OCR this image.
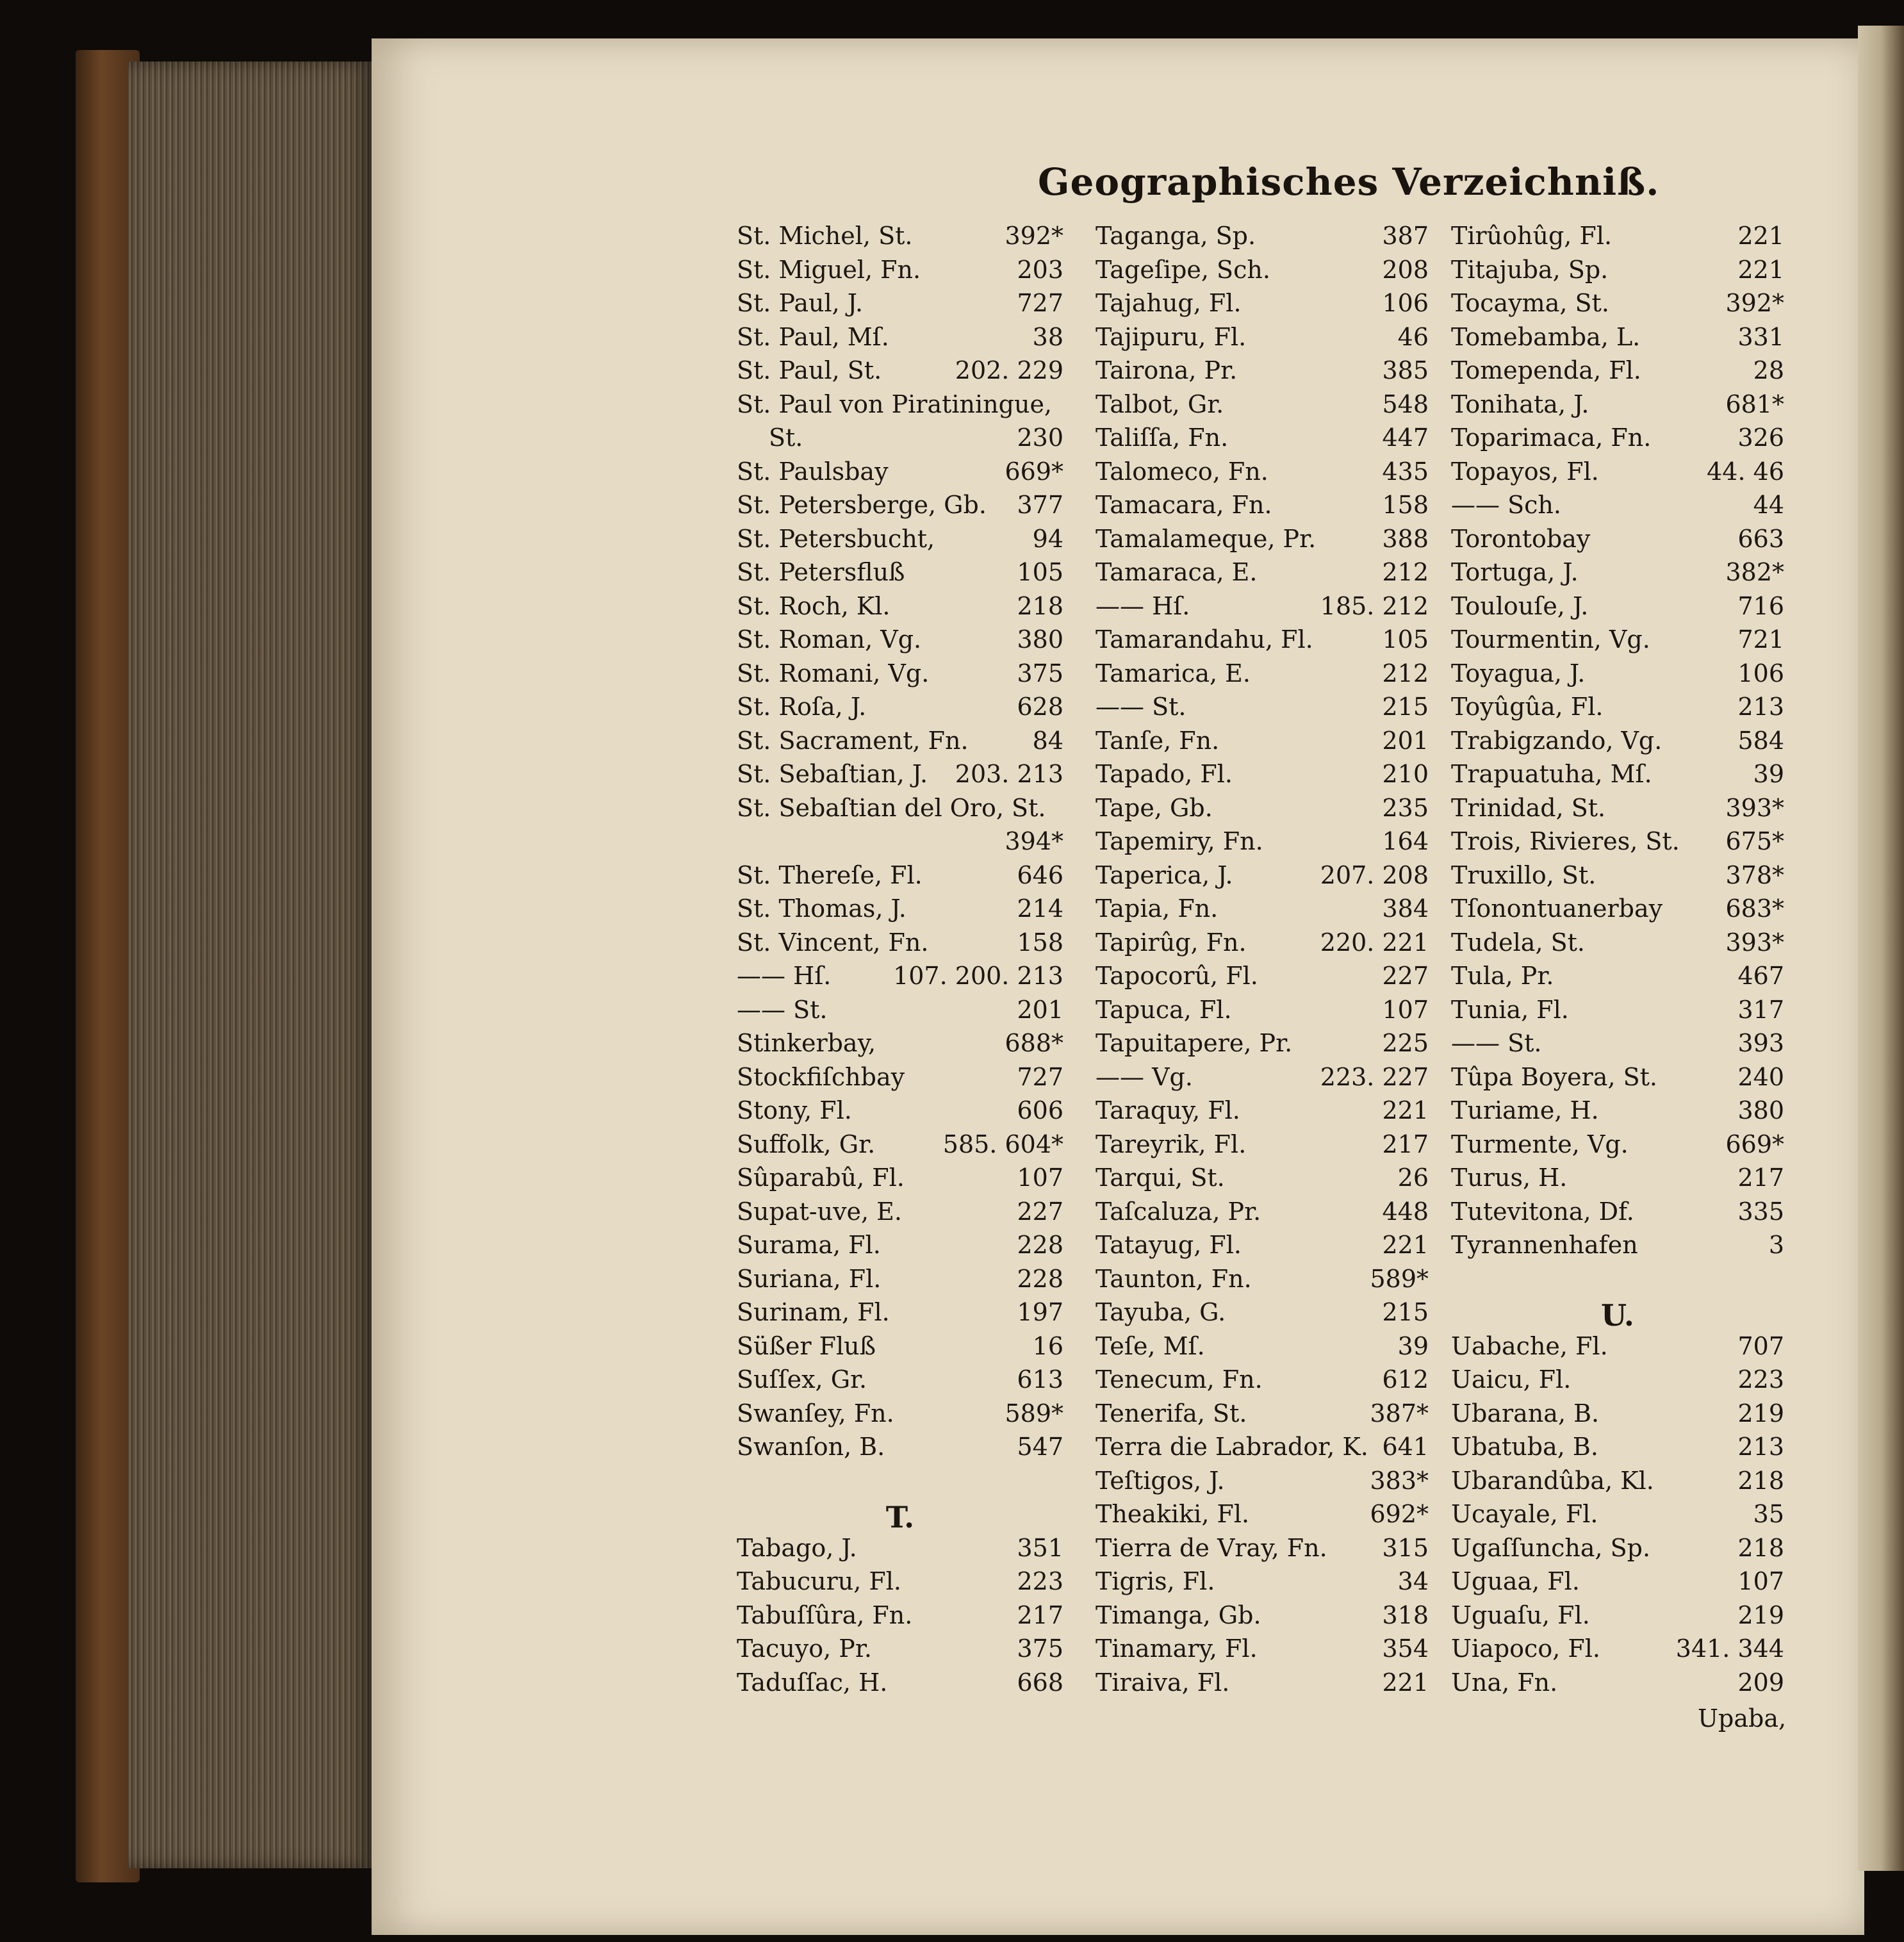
Geographisches Verzeichniß.
St. Michel, St.	392*
St. Miguel, Fn.	203
St. Paul, J.	727
St. Paul, Mſ.	38
St. Paul, St.	202. 229
St. Paul von Piratiningue,
St.	230
St. Paulsbay	669*
St. Petersberge, Gb. 377
St. Petersbucht,	94
St. Petersfluß	105
St. Roch, Kl.	218
St. Roman, Vg.	380
St. Romani, Vg.	375
St. Roſa, J.	628
St. Sacrament, Fn.	84
St. Sebaſtian, J. 203. 213
St. Sebaſtian del Oro, St.
394*
St. Thereſe, Fl.	646
St. Thomas, J.	214
St. Vincent, Fn.	158
—— Hſ.	107. 200. 213
—— St.	201
Stinkerbay,	688*
Stockfiſchbay	727
Stony, Fl.	606
Suffolk, Gr.	585. 604*
Sûparabû, Fl.	107
Supat-uve, E.	227
Surama, Fl.	228
Suriana, Fl.	228
Surinam, Fl.	197
Süßer Fluß	16
Suſſex, Gr.	613
Swanſey, Fn.	589*
Swanſon, B.	547
T.
Tabago, J.	351
Tabucuru, Fl.	223
Tabuſſûra, Fn.	217
Tacuyo, Pr.	375
Taduſſac, H.	668
Taganga, Sp.	387
Tageſipe, Sch.	208
Tajahug, Fl.	106
Tajipuru, Fl.	46
Tairona, Pr.	385
Talbot, Gr.	548
Taliſſa, Fn.	447
Talomeco, Fn.	435
Tamacara, Fn.	158
Tamalameque, Pr.	388
Tamaraca, E.	212
—— Hſ.	185. 212
Tamarandahu, Fl.	105
Tamarica, E.	212
—— St.	215
Tanſe, Fn.	201
Tapado, Fl.	210
Tape, Gb.	235
Tapemiry, Fn.	164
Taperica, J.	207. 208
Tapia, Fn.	384
Tapirûg, Fn.	220. 221
Tapocorû, Fl.	227
Tapuca, Fl.	107
Tapuitapere, Pr.	225
—— Vg.	223. 227
Taraquy, Fl.	221
Tareyrik, Fl.	217
Tarqui, St.	26
Taſcaluza, Pr.	448
Tatayug, Fl.	221
Taunton, Fn.	589*
Tayuba, G.	215
Teſe, Mſ.	39
Tenecum, Fn.	612
Tenerifa, St.	387*
Terra die Labrador, K. 641
Teſtigos, J.	383*
Theakiki, Fl.	692*
Tierra de Vray, Fn. 315
Tigris, Fl.	34
Timanga, Gb.	318
Tinamary, Fl.	354
Tiraiva, Fl.	221
Tirûohûg, Fl.	221
Titajuba, Sp.	221
Tocayma, St.	392*
Tomebamba, L.	331
Tomependa, Fl.	28
Tonihata, J.	681*
Toparimaca, Fn.	326
Topayos, Fl.	44. 46
—— Sch.	44
Torontobay	663
Tortuga, J.	382*
Toulouſe, J.	716
Tourmentin, Vg.	721
Toyagua, J.	106
Toyûgûa, Fl.	213
Trabigzando, Vg.	584
Trapuatuha, Mſ.	39
Trinidad, St.	393*
Trois, Rivieres, St. 675*
Truxillo, St.	378*
Tſonontuanerbay	683*
Tudela, St.	393*
Tula, Pr.	467
Tunia, Fl.	317
—— St.	393
Tûpa Boyera, St.	240
Turiame, H.	380
Turmente, Vg.	669*
Turus, H.	217
Tutevitona, Df.	335
Tyrannenhafen	3
U.
Uabache, Fl.	707
Uaicu, Fl.	223
Ubarana, B.	219
Ubatuba, B.	213
Ubarandûba, Kl.	218
Ucayale, Fl.	35
Ugaſſuncha, Sp.	218
Uguaa, Fl.	107
Uguaſu, Fl.	219
Uiapoco, Fl.	341. 344
Una, Fn.	209
Upaba,
